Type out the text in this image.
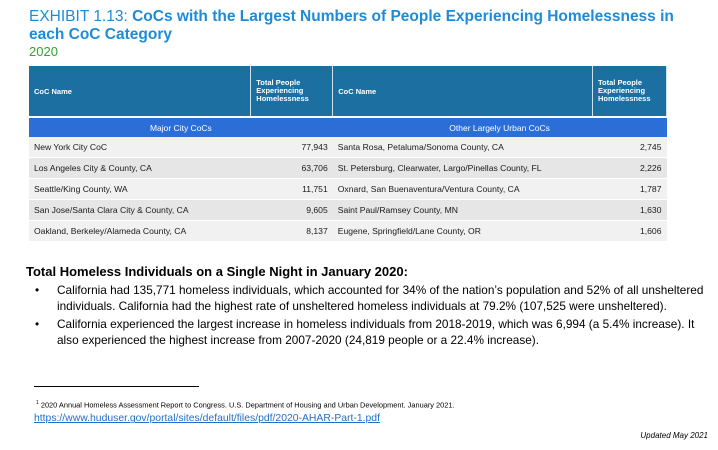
EXHIBIT 1.13: CoCs with the Largest Numbers of People Experiencing Homelessness in each CoC Category
2020
CoC Name	Total People Experiencing Homelessness	CoC Name	Total People Experiencing Homelessness
Major City CoCs		Other Largely Urban CoCs	
New York City CoC	77,943	Santa Rosa, Petaluma/Sonoma County, CA	2,745
Los Angeles City & County, CA	63,706	St. Petersburg, Clearwater, Largo/Pinellas County, FL	2,226
Seattle/King County, WA	11,751	Oxnard, San Buenaventura/Ventura County, CA	1,787
San Jose/Santa Clara City & County, CA	9,605	Saint Paul/Ramsey County, MN	1,630
Oakland, Berkeley/Alameda County, CA	8,137	Eugene, Springfield/Lane County, OR	1,606
Total Homeless Individuals on a Single Night in January 2020:
• California had 135,771 homeless individuals, which accounted for 34% of the nation’s population and 52% of all unsheltered individuals. California had the highest rate of unsheltered homeless individuals at 79.2% (107,525 were unsheltered).
• California experienced the largest increase in homeless individuals from 2018-2019, which was 6,994 (a 5.4% increase). It also experienced the highest increase from 2007-2020 (24,819 people or a 22.4% increase).
$^1$ 2020 Annual Homeless Assessment Report to Congress. U.S. Department of Housing and Urban Development. January 2021.
https://www.huduser.gov/portal/sites/default/files/pdf/2020-AHAR-Part-1.pdf
Updated May 2021
